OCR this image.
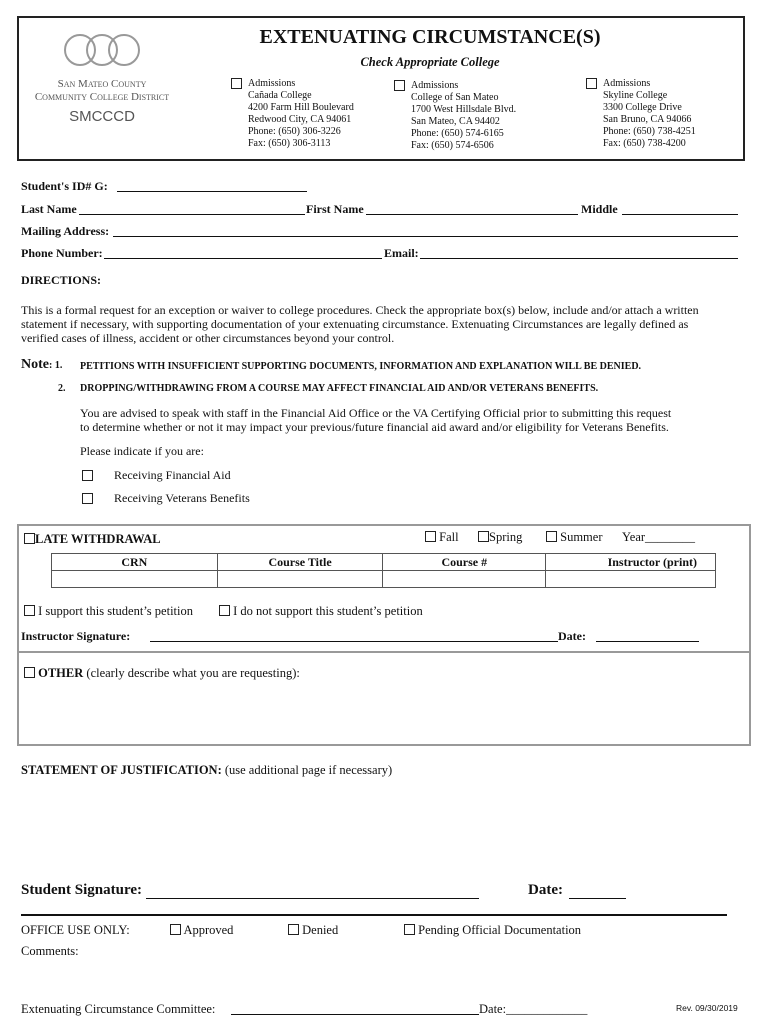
San Mateo County
Community College District
SMCCCD
EXTENUATING CIRCUMSTANCE(S)
Check Appropriate College
Admissions
Cañada College
4200 Farm Hill Boulevard
Redwood City, CA 94061
Phone: (650) 306-3226
Fax: (650) 306-3113
Admissions
College of San Mateo
1700 West Hillsdale Blvd.
San Mateo, CA 94402
Phone: (650) 574-6165
Fax: (650) 574-6506
Admissions
Skyline College
3300 College Drive
San Bruno, CA 94066
Phone: (650) 738-4251
Fax: (650) 738-4200
Student's ID# G:
Last Name	First Name	Middle
Mailing Address:
Phone Number:	Email:
DIRECTIONS:
This is a formal request for an exception or waiver to college procedures. Check the appropriate box(s) below, include and/or attach a written
statement if necessary, with supporting documentation of your extenuating circumstance. Extenuating Circumstances are legally defined as
verified cases of illness, accident or other circumstances beyond your control.
Note: 1. PETITIONS WITH INSUFFICIENT SUPPORTING DOCUMENTS, INFORMATION AND EXPLANATION WILL BE DENIED.
2. DROPPING/WITHDRAWING FROM A COURSE MAY AFFECT FINANCIAL AID AND/OR VETERANS BENEFITS.
You are advised to speak with staff in the Financial Aid Office or the VA Certifying Official prior to submitting this request
to determine whether or not it may impact your previous/future financial aid award and/or eligibility for Veterans Benefits.
Please indicate if you are:
Receiving Financial Aid
Receiving Veterans Benefits
LATE WITHDRAWAL	Fall	Spring	Summer Year________
CRN	Course Title	Course #	Instructor (print)

I support this student’s petition	I do not support this student’s petition
Instructor Signature:	Date:
OTHER (clearly describe what you are requesting):
STATEMENT OF JUSTIFICATION: (use additional page if necessary)
Student Signature:	Date:
OFFICE USE ONLY:	Approved	Denied	Pending Official Documentation
Comments:
Extenuating Circumstance Committee:	Date:_____________	Rev. 09/30/2019
